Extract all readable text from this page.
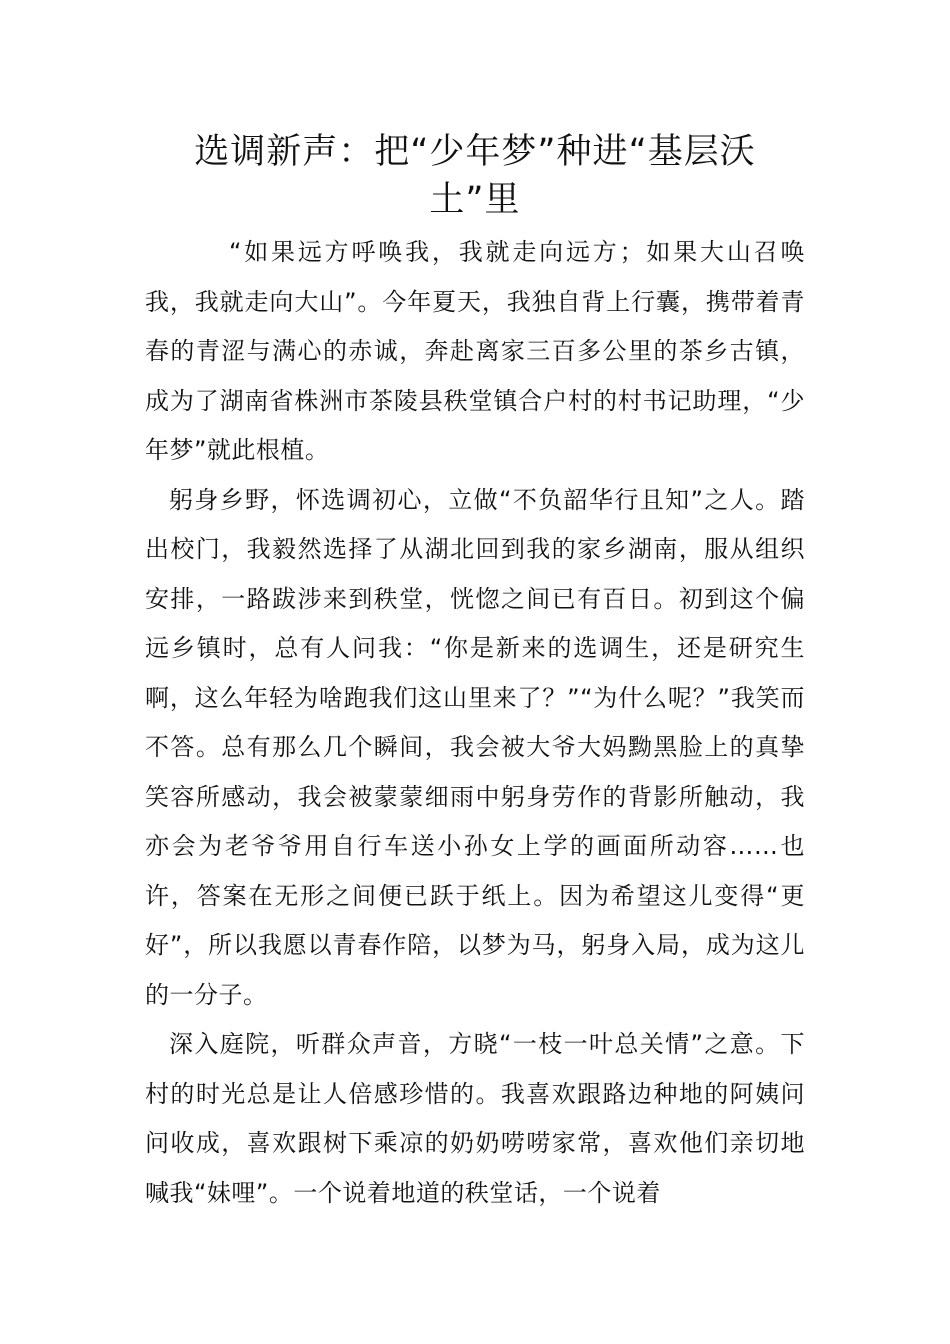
选调新声：把“少年梦”种进“基层沃土”里

“如果远方呼唤我，我就走向远方；如果大山召唤我，我就走向大山”。今年夏天，我独自背上行囊，携带着青春的青涩与满心的赤诚，奔赴离家三百多公里的茶乡古镇，成为了湖南省株洲市茶陵县秩堂镇合户村的村书记助理，“少年梦”就此根植。

躬身乡野，怀选调初心，立做“不负韶华行且知”之人。踏出校门，我毅然选择了从湖北回到我的家乡湖南，服从组织安排，一路跋涉来到秩堂，恍惚之间已有百日。初到这个偏远乡镇时，总有人问我：“你是新来的选调生，还是研究生啊，这么年轻为啥跑我们这山里来了？”“为什么呢？”我笑而不答。总有那么几个瞬间，我会被大爷大妈黝黑脸上的真挚笑容所感动，我会被蒙蒙细雨中躬身劳作的背影所触动，我亦会为老爷爷用自行车送小孙女上学的画面所动容……也许，答案在无形之间便已跃于纸上。因为希望这儿变得“更好”，所以我愿以青春作陪，以梦为马，躬身入局，成为这儿的一分子。

深入庭院，听群众声音，方晓“一枝一叶总关情”之意。下村的时光总是让人倍感珍惜的。我喜欢跟路边种地的阿姨问问收成，喜欢跟树下乘凉的奶奶唠唠家常，喜欢他们亲切地喊我“妹哩”。一个说着地道的秩堂话，一个说着
